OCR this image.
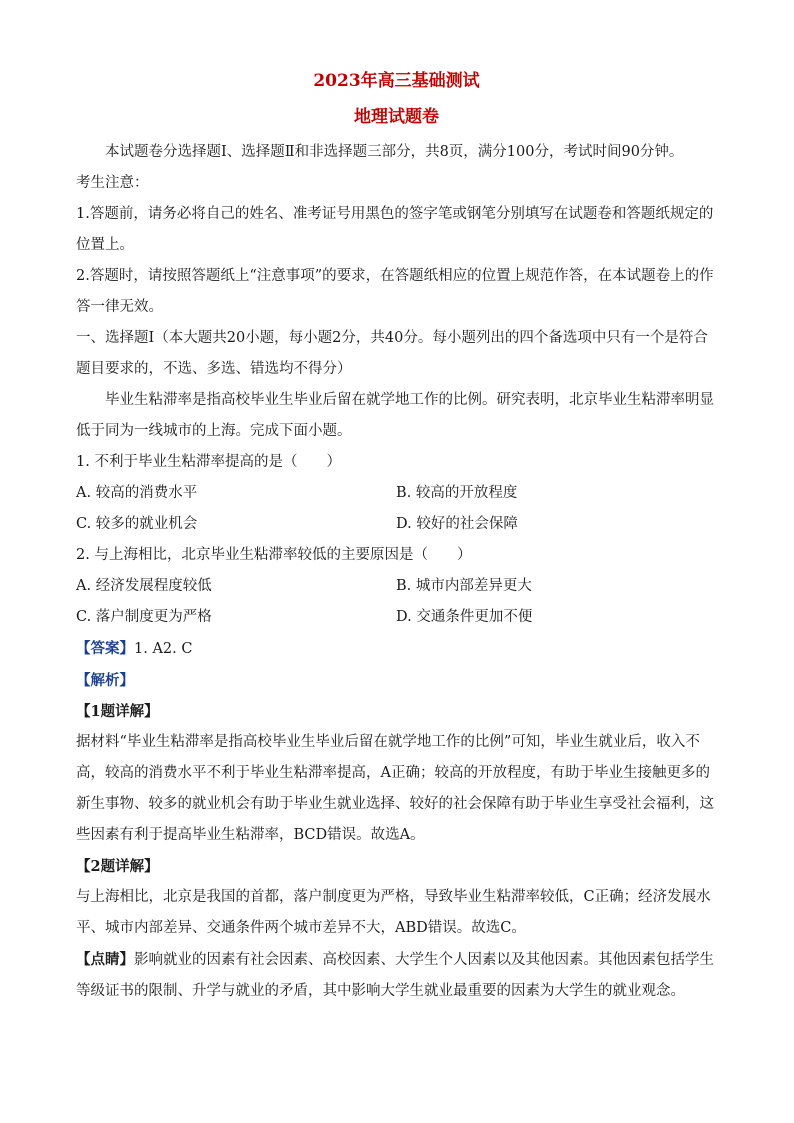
2023年高三基础测试

地理试题卷

本试题卷分选择题Ⅰ、选择题Ⅱ和非选择题三部分，共8页，满分100分，考试时间90分钟。

考生注意：

1.答题前，请务必将自己的姓名、准考证号用黑色的签字笔或钢笔分别填写在试题卷和答题纸规定的位置上。

2.答题时，请按照答题纸上“注意事项”的要求，在答题纸相应的位置上规范作答，在本试题卷上的作答一律无效。

一、选择题Ⅰ（本大题共20小题，每小题2分，共40分。每小题列出的四个备选项中只有一个是符合题目要求的，不选、多选、错选均不得分）

毕业生粘滞率是指高校毕业生毕业后留在就学地工作的比例。研究表明，北京毕业生粘滞率明显低于同为一线城市的上海。完成下面小题。

1. 不利于毕业生粘滞率提高的是（　　）

A. 较高的消费水平	B. 较高的开放程度
C. 较多的就业机会	D. 较好的社会保障

2. 与上海相比，北京毕业生粘滞率较低的主要原因是（　　）

A. 经济发展程度较低	B. 城市内部差异更大
C. 落户制度更为严格	D. 交通条件更加不便

【答案】1. A2. C

【解析】

【1题详解】

据材料“毕业生粘滞率是指高校毕业生毕业后留在就学地工作的比例”可知，毕业生就业后，收入不高，较高的消费水平不利于毕业生粘滞率提高，A正确；较高的开放程度，有助于毕业生接触更多的新生事物、较多的就业机会有助于毕业生就业选择、较好的社会保障有助于毕业生享受社会福利，这些因素有利于提高毕业生粘滞率，BCD错误。故选A。

【2题详解】

与上海相比，北京是我国的首都，落户制度更为严格，导致毕业生粘滞率较低，C正确；经济发展水平、城市内部差异、交通条件两个城市差异不大，ABD错误。故选C。

【点睛】影响就业的因素有社会因素、高校因素、大学生个人因素以及其他因素。其他因素包括学生等级证书的限制、升学与就业的矛盾，其中影响大学生就业最重要的因素为大学生的就业观念。
